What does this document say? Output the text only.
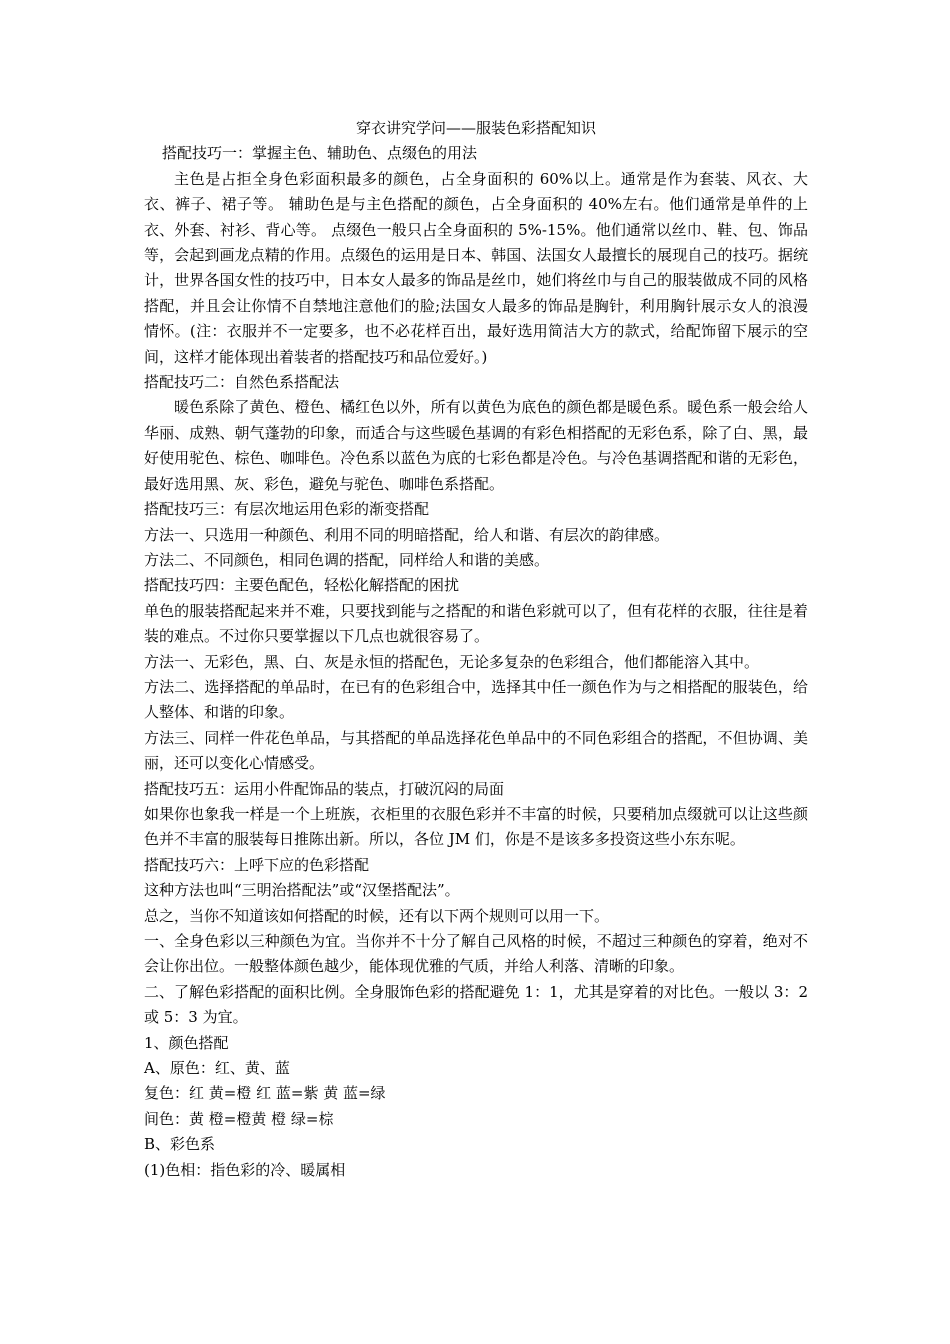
穿衣讲究学问——服装色彩搭配知识

搭配技巧一：掌握主色、辅助色、点缀色的用法

主色是占拒全身色彩面积最多的颜色，占全身面积的 60%以上。通常是作为套装、风衣、大衣、裤子、裙子等。 辅助色是与主色搭配的颜色，占全身面积的 40%左右。他们通常是单件的上衣、外套、衬衫、背心等。 点缀色一般只占全身面积的 5%-15%。他们通常以丝巾、鞋、包、饰品等，会起到画龙点精的作用。点缀色的运用是日本、韩国、法国女人最擅长的展现自己的技巧。据统计，世界各国女性的技巧中，日本女人最多的饰品是丝巾，她们将丝巾与自己的服装做成不同的风格搭配，并且会让你情不自禁地注意他们的脸;法国女人最多的饰品是胸针，利用胸针展示女人的浪漫情怀。(注：衣服并不一定要多，也不必花样百出，最好选用简洁大方的款式，给配饰留下展示的空间，这样才能体现出着装者的搭配技巧和品位爱好。)

搭配技巧二：自然色系搭配法

暖色系除了黄色、橙色、橘红色以外，所有以黄色为底色的颜色都是暖色系。暖色系一般会给人华丽、成熟、朝气蓬勃的印象，而适合与这些暖色基调的有彩色相搭配的无彩色系，除了白、黑，最好使用驼色、棕色、咖啡色。冷色系以蓝色为底的七彩色都是冷色。与冷色基调搭配和谐的无彩色，最好选用黑、灰、彩色，避免与驼色、咖啡色系搭配。

搭配技巧三：有层次地运用色彩的渐变搭配

方法一、只选用一种颜色、利用不同的明暗搭配，给人和谐、有层次的韵律感。

方法二、不同颜色，相同色调的搭配，同样给人和谐的美感。

搭配技巧四：主要色配色，轻松化解搭配的困扰

单色的服装搭配起来并不难，只要找到能与之搭配的和谐色彩就可以了，但有花样的衣服，往往是着装的难点。不过你只要掌握以下几点也就很容易了。

方法一、无彩色，黑、白、灰是永恒的搭配色，无论多复杂的色彩组合，他们都能溶入其中。

方法二、选择搭配的单品时，在已有的色彩组合中，选择其中任一颜色作为与之相搭配的服装色，给人整体、和谐的印象。

方法三、同样一件花色单品，与其搭配的单品选择花色单品中的不同色彩组合的搭配，不但协调、美丽，还可以变化心情感受。

搭配技巧五：运用小件配饰品的装点，打破沉闷的局面

如果你也象我一样是一个上班族，衣柜里的衣服色彩并不丰富的时候，只要稍加点缀就可以让这些颜色并不丰富的服装每日推陈出新。所以，各位 JM 们，你是不是该多多投资这些小东东呢。

搭配技巧六：上呼下应的色彩搭配

这种方法也叫“三明治搭配法”或“汉堡搭配法”。

总之，当你不知道该如何搭配的时候，还有以下两个规则可以用一下。

一、全身色彩以三种颜色为宜。当你并不十分了解自己风格的时候，不超过三种颜色的穿着，绝对不会让你出位。一般整体颜色越少，能体现优雅的气质，并给人利落、清晰的印象。

二、了解色彩搭配的面积比例。全身服饰色彩的搭配避免 1：1，尤其是穿着的对比色。一般以 3：2 或 5：3 为宜。

1、颜色搭配

A、原色：红、黄、蓝

复色：红 黄=橙 红 蓝=紫 黄 蓝=绿

间色：黄 橙=橙黄 橙 绿=棕

B、彩色系

(1)色相：指色彩的冷、暖属相
